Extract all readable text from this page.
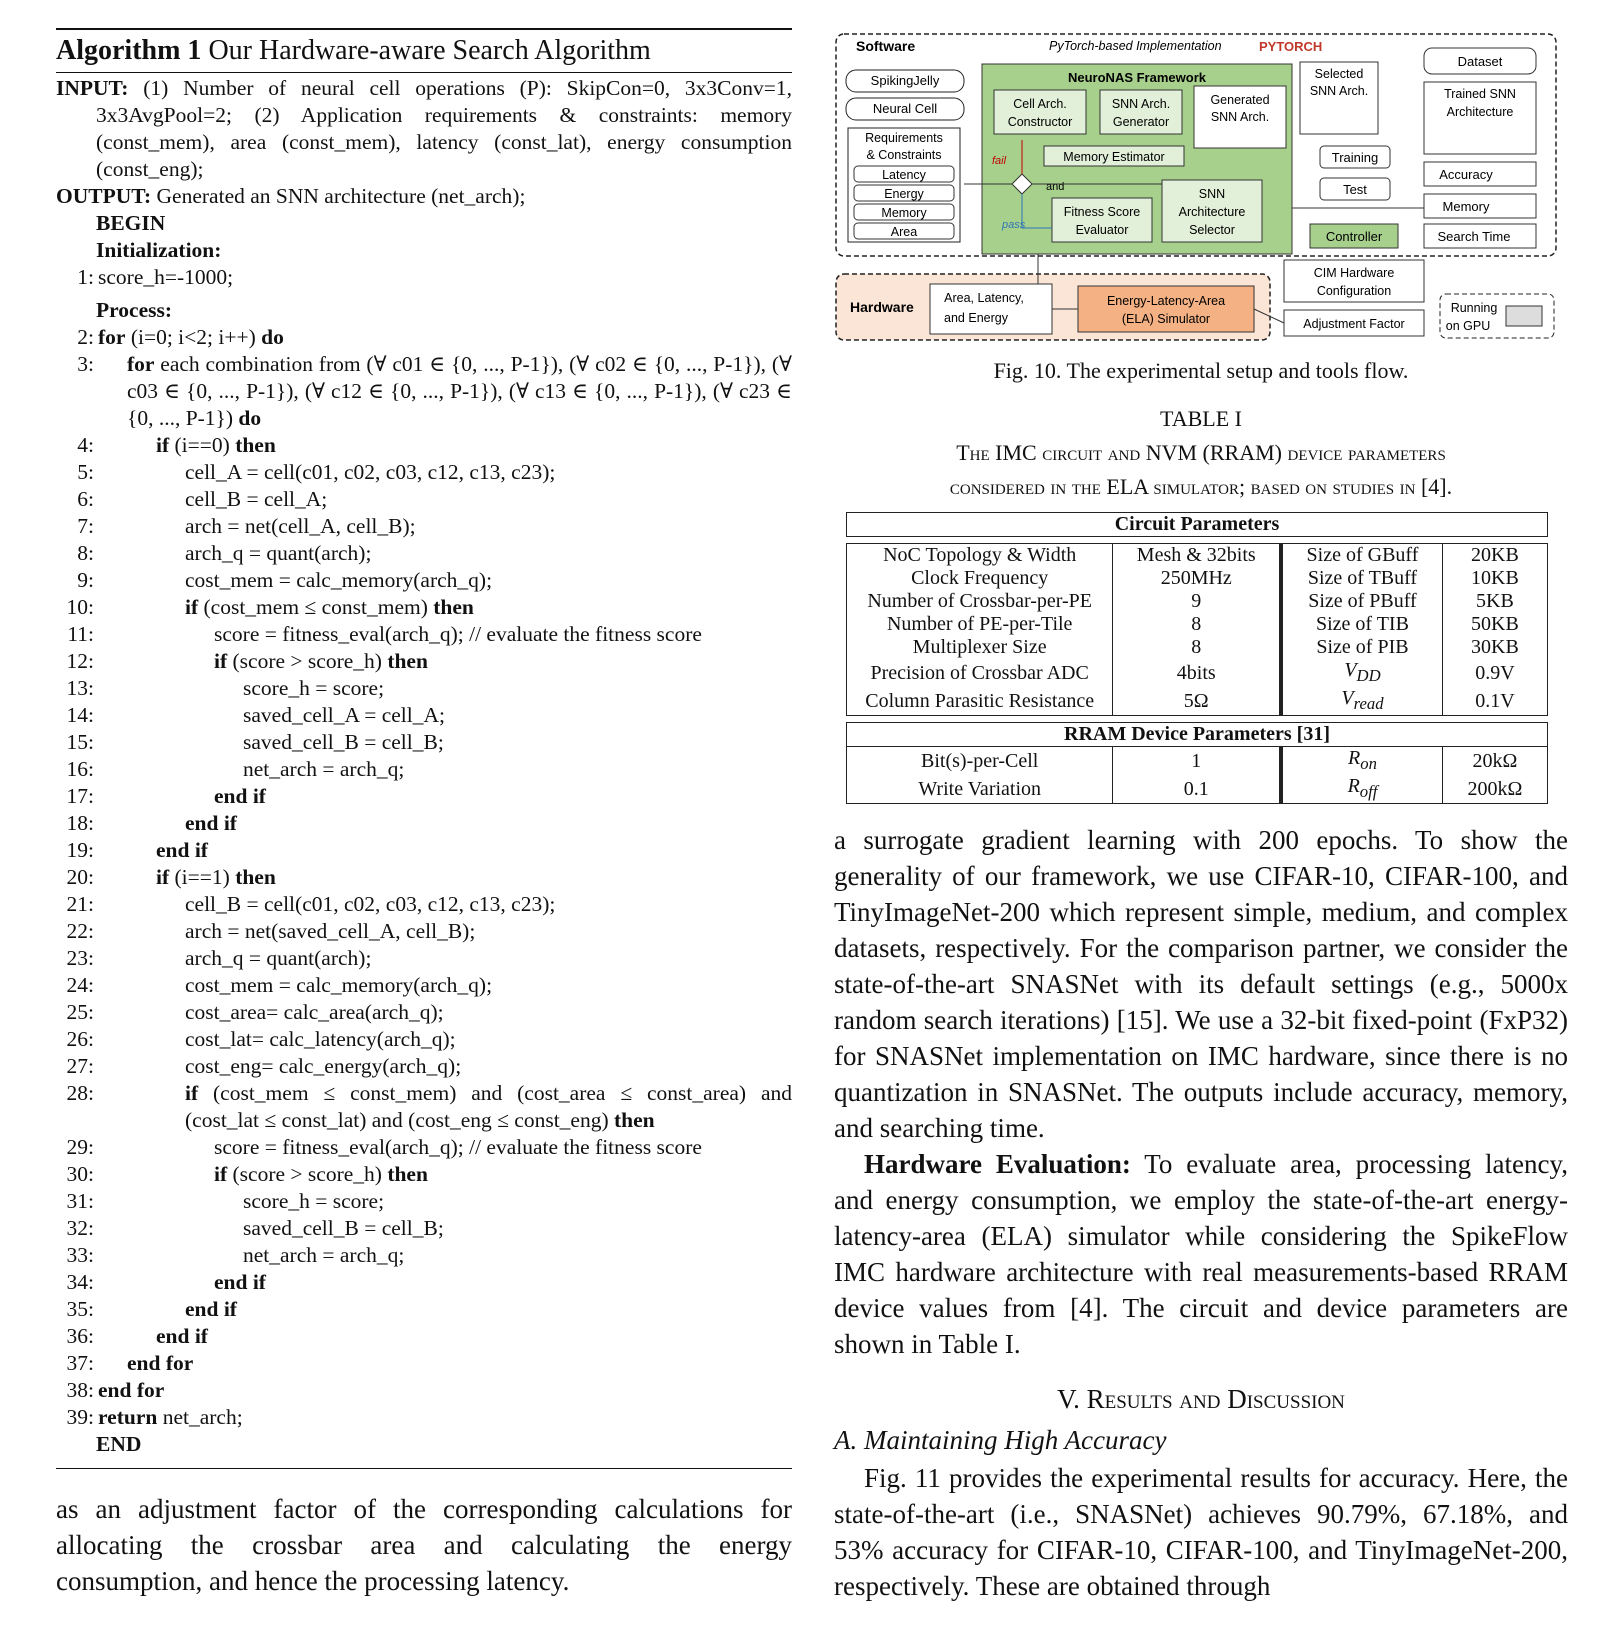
Algorithm 1 Our Hardware-aware Search Algorithm
INPUT: (1) Number of neural cell operations (P): SkipCon=0, 3x3Conv=1, 3x3AvgPool=2; (2) Application requirements & constraints: memory (const_mem), area (const_mem), latency (const_lat), energy consumption (const_eng);
OUTPUT: Generated an SNN architecture (net_arch);
BEGIN
Initialization:
1: score_h=-1000;
Process:
2: for (i=0; i<2; i++) do
3:	for each combination from (∀ c01 ∈ {0, ..., P-1}), (∀ c02 ∈ {0, ..., P-1}), (∀ c03 ∈ {0, ..., P-1}), (∀ c12 ∈ {0, ..., P-1}), (∀ c13 ∈ {0, ..., P-1}), (∀ c23 ∈ {0, ..., P-1}) do
4:	if (i==0) then
5:	cell_A = cell(c01, c02, c03, c12, c13, c23);
6:	cell_B = cell_A;
7:	arch = net(cell_A, cell_B);
8:	arch_q = quant(arch);
9:	cost_mem = calc_memory(arch_q);
10:	if (cost_mem ≤ const_mem) then
11:	score = fitness_eval(arch_q); // evaluate the fitness score
12:	if (score > score_h) then
13:	score_h = score;
14:	saved_cell_A = cell_A;
15:	saved_cell_B = cell_B;
16:	net_arch = arch_q;
17:	end if
18:	end if
19:	end if
20:	if (i==1) then
21:	cell_B = cell(c01, c02, c03, c12, c13, c23);
22:	arch = net(saved_cell_A, cell_B);
23:	arch_q = quant(arch);
24:	cost_mem = calc_memory(arch_q);
25:	cost_area= calc_area(arch_q);
26:	cost_lat= calc_latency(arch_q);
27:	cost_eng= calc_energy(arch_q);
28:	if (cost_mem ≤ const_mem) and (cost_area ≤ const_area) and (cost_lat ≤ const_lat) and (cost_eng ≤ const_eng) then
29:	score = fitness_eval(arch_q); // evaluate the fitness score
30:	if (score > score_h) then
31:	score_h = score;
32:	saved_cell_B = cell_B;
33:	net_arch = arch_q;
34:	end if
35:	end if
36:	end if
37:	end for
38: end for
39: return net_arch;
END
as an adjustment factor of the corresponding calculations for allocating the crossbar area and calculating the energy consumption, and hence the processing latency.
Software	PyTorch-based Implementation	PYTORCH
SpikingJelly
Neural Cell
Requirements
& Constraints
Latency
Energy
Memory
Area
NeuroNAS Framework
Cell Arch.
Constructor
SNN Arch.
Generator
Generated
SNN Arch.
Memory Estimator
fail
pass
and
Fitness Score
Evaluator
SNN
Architecture
Selector
Selected
SNN Arch.
Training
Test
Dataset
Trained SNN
Architecture
Accuracy
Memory
Search Time
Controller
Hardware
Area, Latency,
and Energy
Energy-Latency-Area
(ELA) Simulator
CIM Hardware
Configuration
Adjustment Factor
Running
on GPU
Fig. 10. The experimental setup and tools flow.
TABLE I
The IMC circuit and NVM (RRAM) device parameters
considered in the ELA simulator; based on studies in [4].
Circuit Parameters
NoC Topology & Width	Mesh & 32bits	Size of GBuff	20KB
Clock Frequency	250MHz	Size of TBuff	10KB
Number of Crossbar-per-PE	9	Size of PBuff	5KB
Number of PE-per-Tile	8	Size of TIB	50KB
Multiplexer Size	8	Size of PIB	30KB
Precision of Crossbar ADC	4bits	$V_{DD}$	0.9V
Column Parasitic Resistance	5Ω	$V_{read}$	0.1V
RRAM Device Parameters [31]
Bit(s)-per-Cell	1	$R_{on}$	20kΩ
Write Variation	0.1	$R_{off}$	200kΩ

a surrogate gradient learning with 200 epochs. To show the generality of our framework, we use CIFAR-10, CIFAR-100, and TinyImageNet-200 which represent simple, medium, and complex datasets, respectively. For the comparison partner, we consider the state-of-the-art SNASNet with its default settings (e.g., 5000x random search iterations) [15]. We use a 32-bit fixed-point (FxP32) for SNASNet implementation on IMC hardware, since there is no quantization in SNASNet. The outputs include accuracy, memory, and searching time.

Hardware Evaluation: To evaluate area, processing latency, and energy consumption, we employ the state-of-the-art energy-latency-area (ELA) simulator while considering the SpikeFlow IMC hardware architecture with real measurements-based RRAM device values from [4]. The circuit and device parameters are shown in Table I.

V. Results and Discussion
A. Maintaining High Accuracy

Fig. 11 provides the experimental results for accuracy. Here, the state-of-the-art (i.e., SNASNet) achieves 90.79%, 67.18%, and 53% accuracy for CIFAR-10, CIFAR-100, and TinyImageNet-200, respectively. These are obtained through
